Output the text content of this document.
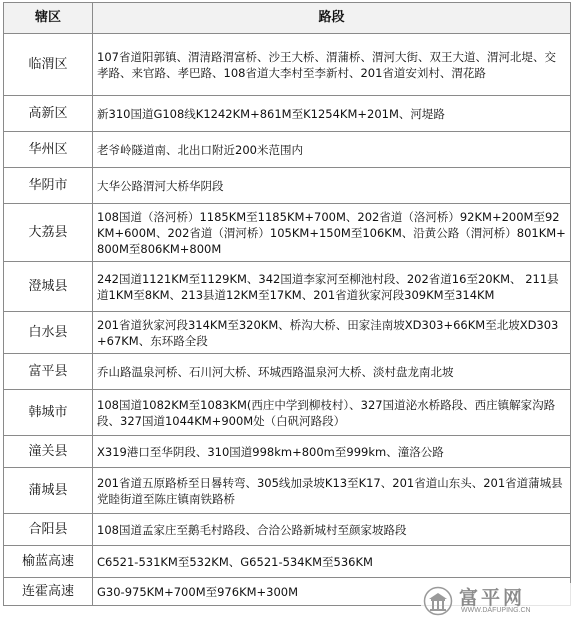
辖区	路段
临渭区	107省道阳郭镇、渭清路渭富桥、沙王大桥、渭蒲桥、渭河大街、双王大道、渭河北堤、交孝路、来官路、孝巴路、108省道大李村至李新村、201省道安刘村、渭花路
高新区	新310国道G108线K1242KM+861M至K1254KM+201M、河堤路
华州区	老爷岭隧道南、北出口附近200米范围内
华阴市	大华公路渭河大桥华阴段
大荔县	108国道（洛河桥）1185KM至1185KM+700M、202省道（洛河桥）92KM+200M至92KM+600M、202省道（渭河桥）105KM+150M至106KM、沿黄公路（渭河桥）801KM+800M至806KM+800M
澄城县	242国道1121KM至1129KM、342国道李家河至柳池村段、202省道16至20KM、 211县道1KM至8KM、213县道12KM至17KM、201省道狄家河段309KM至314KM
白水县	201省道狄家河段314KM至320KM、桥沟大桥、田家洼南坡XD303+66KM至北坡XD303+67KM、东环路全段
富平县	乔山路温泉河桥、石川河大桥、环城西路温泉河大桥、淡村盘龙南北坡
韩城市	108国道1082KM至1083KM(西庄中学到柳枝村）、327国道泌水桥路段、西庄镇解家沟路段、327国道1044KM+900M处（白矾河路段）
潼关县	X319港口至华阴段、310国道998km+800m至999km、潼洛公路
蒲城县	201省道五原路桥至日晷转弯、305线加录坡K13至K17、201省道山东头、201省道蒲城县党睦街道至陈庄镇南铁路桥
合阳县	108国道孟家庄至鹅毛村路段、合洽公路新城村至颜家坡路段
榆蓝高速	C6521-531KM至532KM、G6521-534KM至536KM
连霍高速	G30-975KM+700M至976KM+300M	富平网
WWW.DAFUPING.CN
